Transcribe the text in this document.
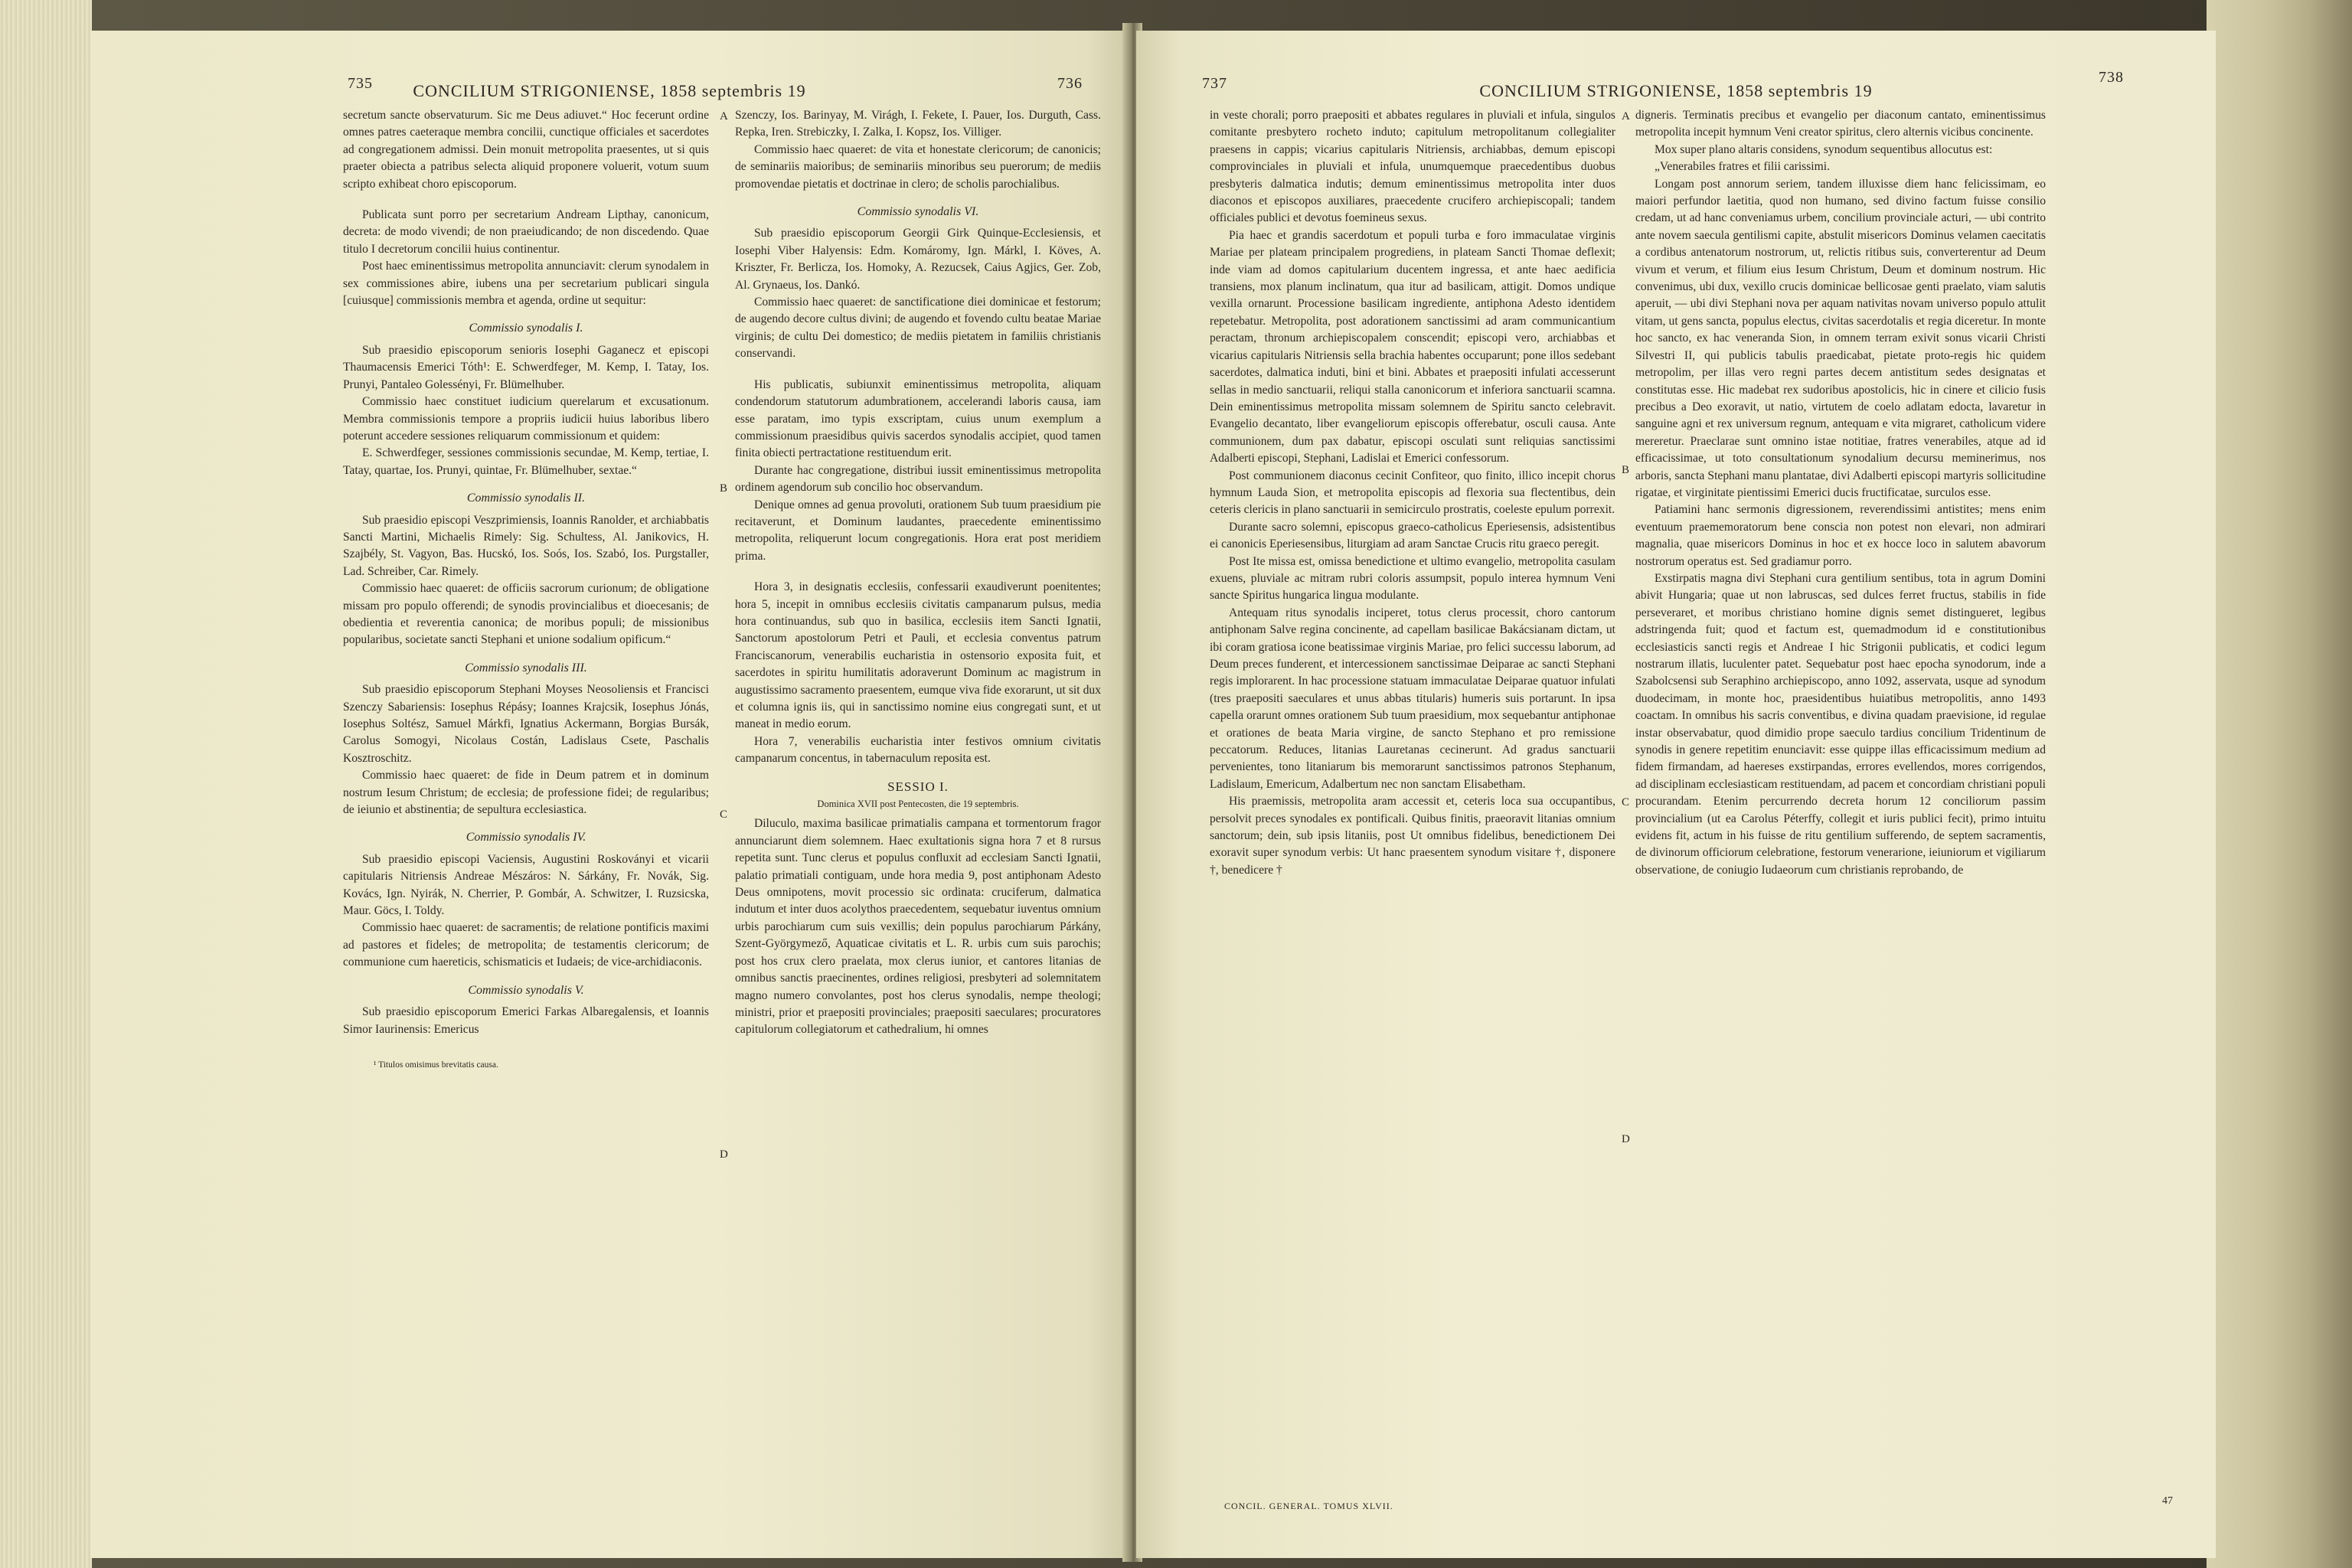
735	CONCILIUM STRIGONIENSE, 1858 septembris 19	736

secretum sancte observaturum. Sic me Deus adiuvet.“ Hoc fecerunt ordine omnes patres caeteraque membra concilii, cunctique officiales et sacerdotes ad congregationem admissi. Dein monuit metropolita praesentes, ut si quis praeter obiecta a patribus selecta aliquid proponere voluerit, votum suum scripto exhibeat choro episcoporum.

Publicata sunt porro per secretarium Andream Lipthay, canonicum, decreta: de modo vivendi; de non praeiudicando; de non discedendo. Quae titulo I decretorum concilii huius continentur.

Post haec eminentissimus metropolita annunciavit: clerum synodalem in sex commissiones abire, iubens una per secretarium publicari singula [cuiusque] commissionis membra et agenda, ordine ut sequitur:

Commissio synodalis I.

Sub praesidio episcoporum senioris Iosephi Gaganecz et episcopi Thaumacensis Emerici Tóth¹: E. Schwerdfeger, M. Kemp, I. Tatay, Ios. Prunyi, Pantaleo Golessényi, Fr. Blümelhuber.

Commissio haec constituet iudicium querelarum et excusationum. Membra commissionis tempore a propriis iudicii huius laboribus libero poterunt accedere sessiones reliquarum commissionum et quidem:

E. Schwerdfeger, sessiones commissionis secundae, M. Kemp, tertiae, I. Tatay, quartae, Ios. Prunyi, quintae, Fr. Blümelhuber, sextae.“

Commissio synodalis II.

Sub praesidio episcopi Veszprimiensis, Ioannis Ranolder, et archiabbatis Sancti Martini, Michaelis Rimely: Sig. Schultess, Al. Janikovics, H. Szajbély, St. Vagyon, Bas. Hucskó, Ios. Soós, Ios. Szabó, Ios. Purgstaller, Lad. Schreiber, Car. Rimely.

Commissio haec quaeret: de officiis sacrorum curionum; de obligatione missam pro populo offerendi; de synodis provincialibus et dioecesanis; de obedientia et reverentia canonica; de moribus populi; de missionibus popularibus, societate sancti Stephani et unione sodalium opificum.“

Commissio synodalis III.

Sub praesidio episcoporum Stephani Moyses Neosoliensis et Francisci Szenczy Sabariensis: Iosephus Répásy; Ioannes Krajcsik, Iosephus Jónás, Iosephus Soltész, Samuel Márkfi, Ignatius Ackermann, Borgias Bursák, Carolus Somogyi, Nicolaus Costán, Ladislaus Csete, Paschalis Kosztroschitz.

Commissio haec quaeret: de fide in Deum patrem et in dominum nostrum Iesum Christum; de ecclesia; de professione fidei; de regularibus; de ieiunio et abstinentia; de sepultura ecclesiastica.

Commissio synodalis IV.

Sub praesidio episcopi Vaciensis, Augustini Roskoványi et vicarii capitularis Nitriensis Andreae Mészáros: N. Sárkány, Fr. Novák, Sig. Kovács, Ign. Nyirák, N. Cherrier, P. Gombár, A. Schwitzer, I. Ruzsicska, Maur. Göcs, I. Toldy.

Commissio haec quaeret: de sacramentis; de relatione pontificis maximi ad pastores et fideles; de metropolita; de testamentis clericorum; de communione cum haereticis, schismaticis et Iudaeis; de vice-archidiaconis.

Commissio synodalis V.

Sub praesidio episcoporum Emerici Farkas Albaregalensis, et Ioannis Simor Iaurinensis: Emericus

¹ Titulos omisimus brevitatis causa.
A
B
C
D

Szenczy, Ios. Barinyay, M. Virágh, I. Fekete, I. Pauer, Ios. Durguth, Cass. Repka, Iren. Strebiczky, I. Zalka, I. Kopsz, Ios. Villiger.

Commissio haec quaeret: de vita et honestate clericorum; de canonicis; de seminariis maioribus; de seminariis minoribus seu puerorum; de mediis promovendae pietatis et doctrinae in clero; de scholis parochialibus.

Commissio synodalis VI.

Sub praesidio episcoporum Georgii Girk Quinque-Ecclesiensis, et Iosephi Viber Halyensis: Edm. Komáromy, Ign. Márkl, I. Köves, A. Kriszter, Fr. Berlicza, Ios. Homoky, A. Rezucsek, Caius Agjics, Ger. Zob, Al. Grynaeus, Ios. Dankó.

Commissio haec quaeret: de sanctificatione diei dominicae et festorum; de augendo decore cultus divini; de augendo et fovendo cultu beatae Mariae virginis; de cultu Dei domestico; de mediis pietatem in familiis christianis conservandi.

His publicatis, subiunxit eminentissimus metropolita, aliquam condendorum statutorum adumbrationem, accelerandi laboris causa, iam esse paratam, imo typis exscriptam, cuius unum exemplum a commissionum praesidibus quivis sacerdos synodalis accipiet, quod tamen finita obiecti pertractatione restituendum erit.

Durante hac congregatione, distribui iussit eminentissimus metropolita ordinem agendorum sub concilio hoc observandum.

Denique omnes ad genua provoluti, orationem Sub tuum praesidium pie recitaverunt, et Dominum laudantes, praecedente eminentissimo metropolita, reliquerunt locum congregationis. Hora erat post meridiem prima.

Hora 3, in designatis ecclesiis, confessarii exaudiverunt poenitentes; hora 5, incepit in omnibus ecclesiis civitatis campanarum pulsus, media hora continuandus, sub quo in basilica, ecclesiis item Sancti Ignatii, Sanctorum apostolorum Petri et Pauli, et ecclesia conventus patrum Franciscanorum, venerabilis eucharistia in ostensorio exposita fuit, et sacerdotes in spiritu humilitatis adoraverunt Dominum ac magistrum in augustissimo sacramento praesentem, eumque viva fide exorarunt, ut sit dux et columna ignis iis, qui in sanctissimo nomine eius congregati sunt, et ut maneat in medio eorum.

Hora 7, venerabilis eucharistia inter festivos omnium civitatis campanarum concentus, in tabernaculum reposita est.

SESSIO I.
Dominica XVII post Pentecosten, die 19 septembris.

Diluculo, maxima basilicae primatialis campana et tormentorum fragor annunciarunt diem solemnem. Haec exultationis signa hora 7 et 8 rursus repetita sunt. Tunc clerus et populus confluxit ad ecclesiam Sancti Ignatii, palatio primatiali contiguam, unde hora media 9, post antiphonam Adesto Deus omnipotens, movit processio sic ordinata: cruciferum, dalmatica indutum et inter duos acolythos praecedentem, sequebatur iuventus omnium urbis parochiarum cum suis vexillis; dein populus parochiarum Párkány, Szent-Györgymező, Aquaticae civitatis et L. R. urbis cum suis parochis; post hos crux clero praelata, mox clerus iunior, et cantores litanias de omnibus sanctis praecinentes, ordines religiosi, presbyteri ad solemnitatem magno numero convolantes, post hos clerus synodalis, nempe theologi; ministri, prior et praepositi provinciales; praepositi saeculares; procuratores capitulorum collegiatorum et cathedralium, hi omnes

737	CONCILIUM STRIGONIENSE, 1858 septembris 19
738

in veste chorali; porro praepositi et abbates regulares in pluviali et infula, singulos comitante presbytero rocheto induto; capitulum metropolitanum collegialiter praesens in cappis; vicarius capitularis Nitriensis, archiabbas, demum episcopi comprovinciales in pluviali et infula, unumquemque praecedentibus duobus presbyteris dalmatica indutis; demum eminentissimus metropolita inter duos diaconos et episcopos auxiliares, praecedente crucifero archiepiscopali; tandem officiales publici et devotus foemineus sexus.

Pia haec et grandis sacerdotum et populi turba e foro immaculatae virginis Mariae per plateam principalem progrediens, in plateam Sancti Thomae deflexit; inde viam ad domos capitularium ducentem ingressa, et ante haec aedificia transiens, mox planum inclinatum, qua itur ad basilicam, attigit. Domos undique vexilla ornarunt. Processione basilicam ingrediente, antiphona Adesto identidem repetebatur. Metropolita, post adorationem sanctissimi ad aram communicantium peractam, thronum archiepiscopalem conscendit; episcopi vero, archiabbas et vicarius capitularis Nitriensis sella brachia habentes occuparunt; pone illos sedebant sacerdotes, dalmatica induti, bini et bini. Abbates et praepositi infulati accesserunt sellas in medio sanctuarii, reliqui stalla canonicorum et inferiora sanctuarii scamna. Dein eminentissimus metropolita missam solemnem de Spiritu sancto celebravit. Evangelio decantato, liber evangeliorum episcopis offerebatur, osculi causa. Ante communionem, dum pax dabatur, episcopi osculati sunt reliquias sanctissimi Adalberti episcopi, Stephani, Ladislai et Emerici confessorum.

Post communionem diaconus cecinit Confiteor, quo finito, illico incepit chorus hymnum Lauda Sion, et metropolita episcopis ad flexoria sua flectentibus, dein ceteris clericis in plano sanctuarii in semicirculo prostratis, coeleste epulum porrexit.

Durante sacro solemni, episcopus graeco-catholicus Eperiesensis, adsistentibus ei canonicis Eperiesensibus, liturgiam ad aram Sanctae Crucis ritu graeco peregit.

Post Ite missa est, omissa benedictione et ultimo evangelio, metropolita casulam exuens, pluviale ac mitram rubri coloris assumpsit, populo interea hymnum Veni sancte Spiritus hungarica lingua modulante.

Antequam ritus synodalis inciperet, totus clerus processit, choro cantorum antiphonam Salve regina concinente, ad capellam basilicae Bakácsianam dictam, ut ibi coram gratiosa icone beatissimae virginis Mariae, pro felici successu laborum, ad Deum preces funderent, et intercessionem sanctissimae Deiparae ac sancti Stephani regis implorarent. In hac processione statuam immaculatae Deiparae quatuor infulati (tres praepositi saeculares et unus abbas titularis) humeris suis portarunt. In ipsa capella orarunt omnes orationem Sub tuum praesidium, mox sequebantur antiphonae et orationes de beata Maria virgine, de sancto Stephano et pro remissione peccatorum. Reduces, litanias Lauretanas cecinerunt. Ad gradus sanctuarii pervenientes, tono litaniarum bis memorarunt sanctissimos patronos Stephanum, Ladislaum, Emericum, Adalbertum nec non sanctam Elisabetham.

His praemissis, metropolita aram accessit et, ceteris loca sua occupantibus, persolvit preces synodales ex pontificali. Quibus finitis, praeoravit litanias omnium sanctorum; dein, sub ipsis litaniis, post Ut omnibus fidelibus, benedictionem Dei exoravit super synodum verbis: Ut hanc praesentem synodum visitare †, disponere †, benedicere †

A
B
C
D

digneris. Terminatis precibus et evangelio per diaconum cantato, eminentissimus metropolita incepit hymnum Veni creator spiritus, clero alternis vicibus concinente.

Mox super plano altaris considens, synodum sequentibus allocutus est:

„Venerabiles fratres et filii carissimi.

Longam post annorum seriem, tandem illuxisse diem hanc felicissimam, eo maiori perfundor laetitia, quod non humano, sed divino factum fuisse consilio credam, ut ad hanc conveniamus urbem, concilium provinciale acturi, — ubi contrito ante novem saecula gentilismi capite, abstulit misericors Dominus velamen caecitatis a cordibus antenatorum nostrorum, ut, relictis ritibus suis, converterentur ad Deum vivum et verum, et filium eius Iesum Christum, Deum et dominum nostrum. Hic convenimus, ubi dux, vexillo crucis dominicae bellicosae genti praelato, viam salutis aperuit, — ubi divi Stephani nova per aquam nativitas novam universo populo attulit vitam, ut gens sancta, populus electus, civitas sacerdotalis et regia diceretur. In monte hoc sancto, ex hac veneranda Sion, in omnem terram exivit sonus vicarii Christi Silvestri II, qui publicis tabulis praedicabat, pietate proto-regis hic quidem metropolim, per illas vero regni partes decem antistitum sedes designatas et constitutas esse. Hic madebat rex sudoribus apostolicis, hic in cinere et cilicio fusis precibus a Deo exoravit, ut natio, virtutem de coelo adlatam edocta, lavaretur in sanguine agni et rex universum regnum, antequam e vita migraret, catholicum videre mereretur. Praeclarae sunt omnino istae notitiae, fratres venerabiles, atque ad id efficacissimae, ut toto consultationum synodalium decursu meminerimus, nos arboris, sancta Stephani manu plantatae, divi Adalberti episcopi martyris sollicitudine rigatae, et virginitate pientissimi Emerici ducis fructificatae, surculos esse.

Patiamini hanc sermonis digressionem, reverendissimi antistites; mens enim eventuum praememoratorum bene conscia non potest non elevari, non admirari magnalia, quae misericors Dominus in hoc et ex hocce loco in salutem abavorum nostrorum operatus est. Sed gradiamur porro.

Exstirpatis magna divi Stephani cura gentilium sentibus, tota in agrum Domini abivit Hungaria; quae ut non labruscas, sed dulces ferret fructus, stabilis in fide perseveraret, et moribus christiano homine dignis semet distingueret, legibus adstringenda fuit; quod et factum est, quemadmodum id e constitutionibus ecclesiasticis sancti regis et Andreae I hic Strigonii publicatis, et codici legum nostrarum illatis, luculenter patet. Sequebatur post haec epocha synodorum, inde a Szabolcsensi sub Seraphino archiepiscopo, anno 1092, asservata, usque ad synodum duodecimam, in monte hoc, praesidentibus huiatibus metropolitis, anno 1493 coactam. In omnibus his sacris conventibus, e divina quadam praevisione, id regulae instar observabatur, quod dimidio prope saeculo tardius concilium Tridentinum de synodis in genere repetitim enunciavit: esse quippe illas efficacissimum medium ad fidem firmandam, ad haereses exstirpandas, errores evellendos, mores corrigendos, ad disciplinam ecclesiasticam restituendam, ad pacem et concordiam christiani populi procurandam. Etenim percurrendo decreta horum 12 conciliorum passim provincialium (ut ea Carolus Péterffy, collegit et iuris publici fecit), primo intuitu evidens fit, actum in his fuisse de ritu gentilium sufferendo, de septem sacramentis, de divinorum officiorum celebratione, festorum venerarione, ieiuniorum et vigiliarum observatione, de coniugio Iudaeorum cum christianis reprobando, de

CONCIL. GENERAL. TOMUS XLVII.	47
